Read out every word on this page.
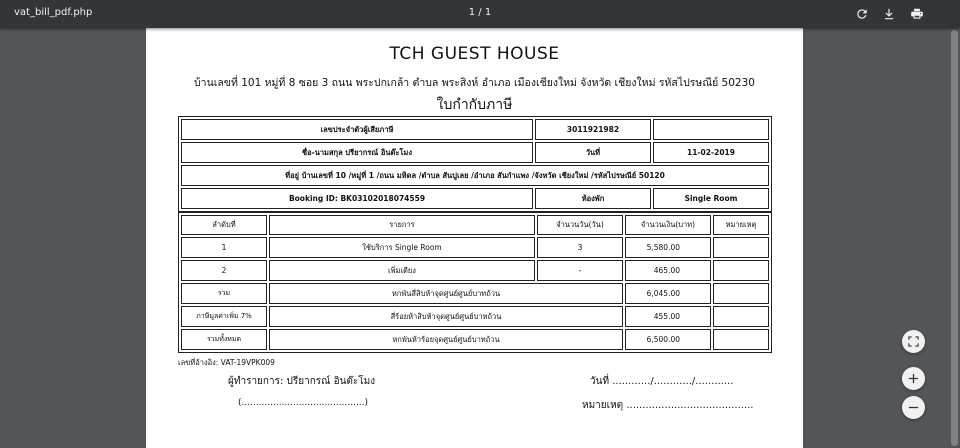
vat_bill_pdf.php	1 / 1
TCH GUEST HOUSE
บ้านเลขที่ 101 หมู่ที่ 8 ซอย 3 ถนน พระปกเกล้า ตำบล พระสิงห์ อำเภอ เมืองเชียงใหม่ จังหวัด เชียงใหม่ รหัสไปรษณีย์ 50230
ใบกำกับภาษี
เลขประจำตัวผู้เสียภาษี	3011921982	
ชื่อ-นามสกุล ปรียากรณ์ อินต๊ะโมง	วันที่	11-02-2019
ที่อยู่ บ้านเลขที่ 10 /หมู่ที่ 1 /ถนน มหิดล /ตำบล สันปูเลย /อำเภอ สันกำแพง /จังหวัด เชียงใหม่ /รหัสไปรษณีย์ 50120		
Booking ID: BK03102018074559	ห้องพัก	Single Room
ลำดับที่	รายการ	จำนวนวัน(วัน)	จำนวนเงิน(บาท)	หมายเหตุ
1	ใช้บริการ Single Room	3	5,580.00	
2	เพิ่มเตียง	-	465.00	
รวม	หกพันสี่สิบห้าจุดศูนย์ศูนย์บาทถ้วน		6,045.00	
ภาษีมูลค่าเพิ่ม 7%	สี่ร้อยห้าสิบห้าจุดศูนย์ศูนย์บาทถ้วน		455.00	
รวมทั้งหมด	หกพันห้าร้อยจุดศูนย์ศูนย์บาทถ้วน		6,500.00	
เลขที่อ้างอิง: VAT-19VPK009
ผู้ทำรายการ: ปรียากรณ์ อินต๊ะโมง	วันที่ ............/............/............
(...........................................)	หมายเหตุ ........................................
